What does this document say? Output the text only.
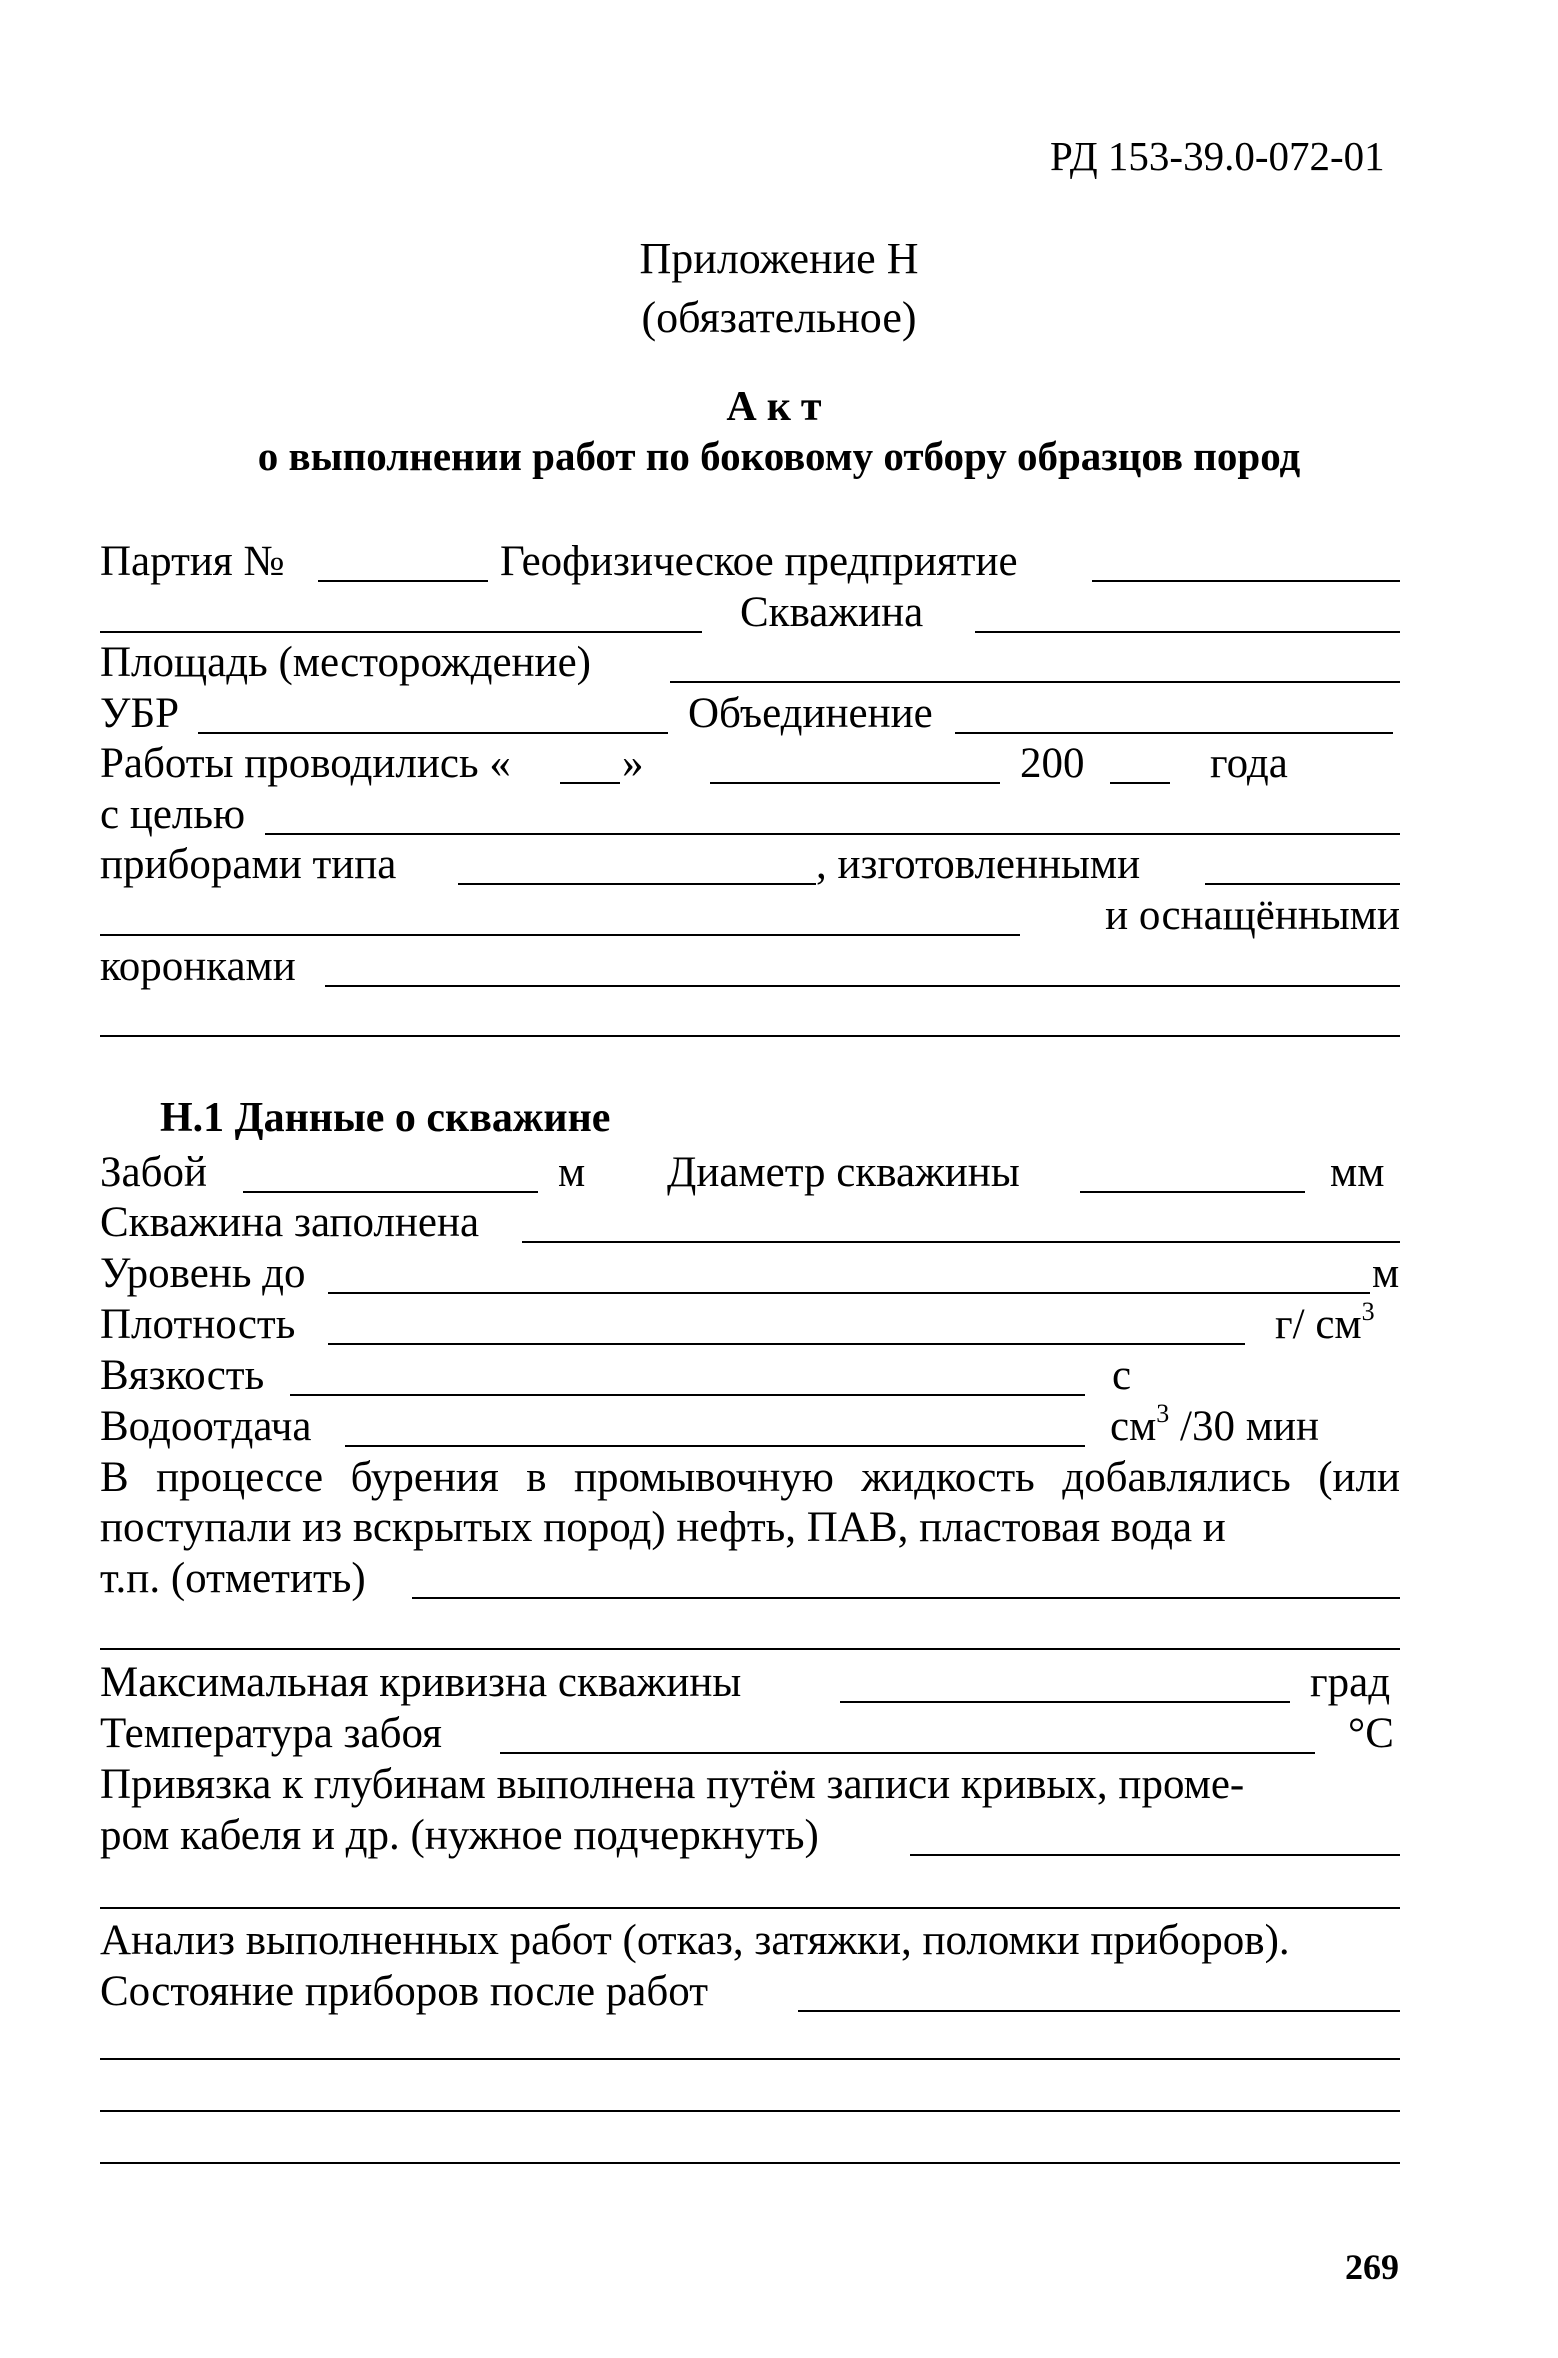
РД 153-39.0-072-01
Приложение Н
(обязательное)
Акт
о выполнении работ по боковому отбору образцов пород
Партия №	Геофизическое предприятие
Скважина
Площадь (месторождение)
УБР	Объединение
Работы проводились «	»	200	года
с целью
приборами типа	, изготовленными
и оснащёнными
коронками
Н.1 Данные о скважине
Забой	м Диаметр скважины	мм
Скважина заполнена
Уровень до	м
Плотность	г/ $см^3$
Вязкость	с
Водоотдача	$см^3$ /30 мин
В процессе бурения в промывочную жидкость добавлялись (или поступали из вскрытых пород) нефть, ПАВ, пластовая вода и
т.п. (отметить)
Максимальная кривизна скважины	град
Температура забоя	°С
Привязка к глубинам выполнена путём записи кривых, проме-
ром кабеля и др. (нужное подчеркнуть)
Анализ выполненных работ (отказ, затяжки, поломки приборов).
Состояние приборов после работ
269
